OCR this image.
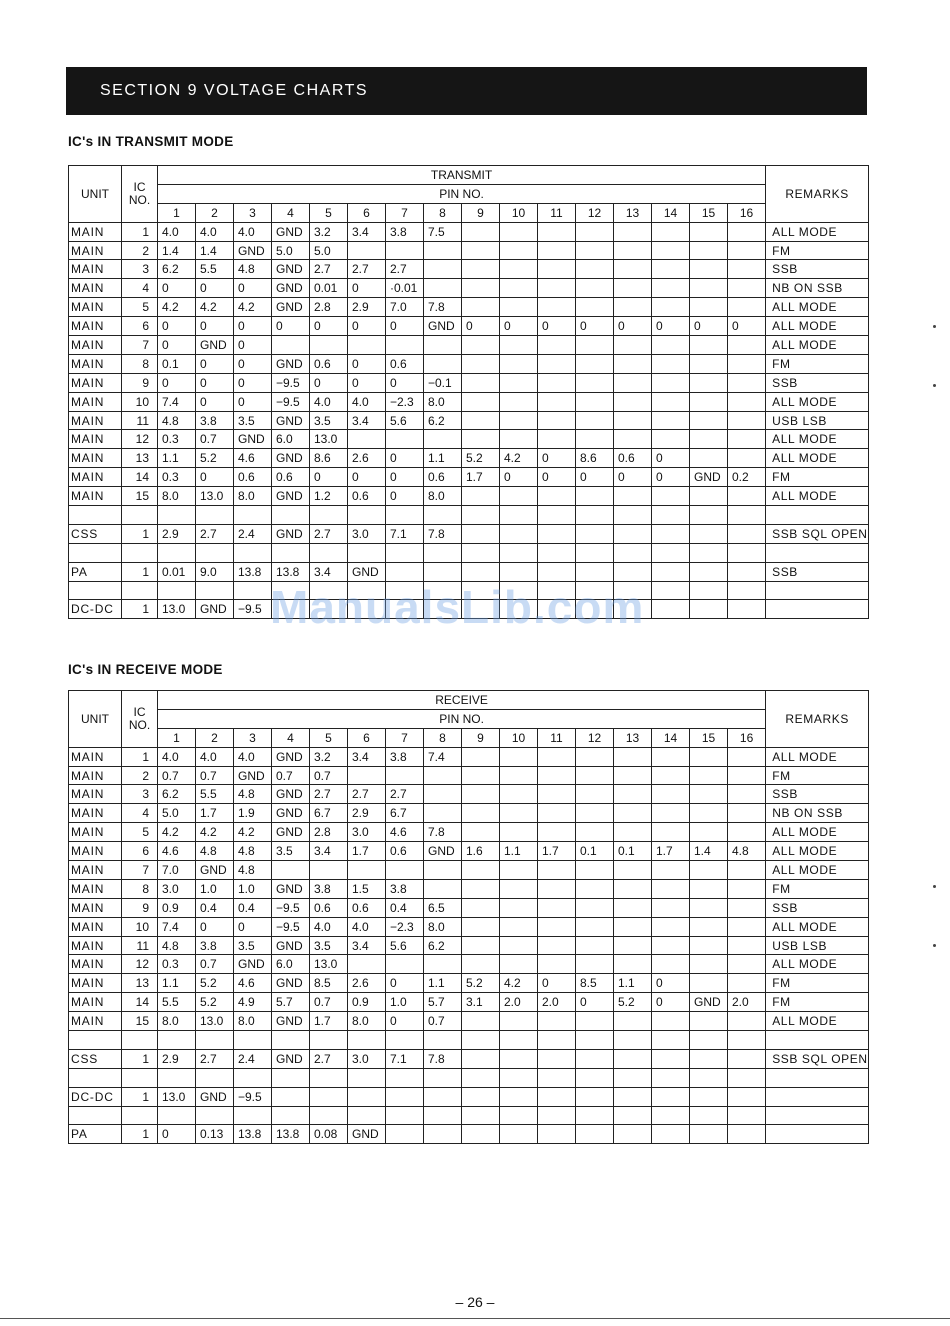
SECTION 9 VOLTAGE CHARTS
IC's IN TRANSMIT MODE
UNIT	IC NO.	TRANSMIT																REMARKS
		PIN NO.																
		1	2	3	4	5	6	7	8	9	10	11	12	13	14	15	16	
MAIN	1	4.0	4.0	4.0	GND	3.2	3.4	3.8	7.5									ALL MODE
MAIN	2	1.4	1.4	GND	5.0	5.0												FM
MAIN	3	6.2	5.5	4.8	GND	2.7	2.7	2.7										SSB
MAIN	4	0	0	0	GND	0.01	0	·0.01										NB ON SSB
MAIN	5	4.2	4.2	4.2	GND	2.8	2.9	7.0	7.8									ALL MODE
MAIN	6	0	0	0	0	0	0	0	GND	0	0	0	0	0	0	0	0	ALL MODE
MAIN	7	0	GND	0														ALL MODE
MAIN	8	0.1	0	0	GND	0.6	0	0.6										FM
MAIN	9	0	0	0	−9.5	0	0	0	−0.1									SSB
MAIN	10	7.4	0	0	−9.5	4.0	4.0	−2.3	8.0									ALL MODE
MAIN	11	4.8	3.8	3.5	GND	3.5	3.4	5.6	6.2									USB LSB
MAIN	12	0.3	0.7	GND	6.0	13.0												ALL MODE
MAIN	13	1.1	5.2	4.6	GND	8.6	2.6	0	1.1	5.2	4.2	0	8.6	0.6	0			ALL MODE
MAIN	14	0.3	0	0.6	0.6	0	0	0	0.6	1.7	0	0	0	0	0	GND	0.2	FM
MAIN	15	8.0	13.0	8.0	GND	1.2	0.6	0	8.0									ALL MODE

CSS	1	2.9	2.7	2.4	GND	2.7	3.0	7.1	7.8									SSB SQL OPEN

PA	1	0.01	9.0	13.8	13.8	3.4	GND											SSB

DC-DC	1	13.0	GND	−9.5														ManualsLib.com
IC's IN RECEIVE MODE
UNIT	IC NO.	RECEIVE																REMARKS
		PIN NO.																
		1	2	3	4	5	6	7	8	9	10	11	12	13	14	15	16	
MAIN	1	4.0	4.0	4.0	GND	3.2	3.4	3.8	7.4									ALL MODE
MAIN	2	0.7	0.7	GND	0.7	0.7												FM
MAIN	3	6.2	5.5	4.8	GND	2.7	2.7	2.7										SSB
MAIN	4	5.0	1.7	1.9	GND	6.7	2.9	6.7										NB ON SSB
MAIN	5	4.2	4.2	4.2	GND	2.8	3.0	4.6	7.8									ALL MODE
MAIN	6	4.6	4.8	4.8	3.5	3.4	1.7	0.6	GND	1.6	1.1	1.7	0.1	0.1	1.7	1.4	4.8	ALL MODE
MAIN	7	7.0	GND	4.8														ALL MODE
MAIN	8	3.0	1.0	1.0	GND	3.8	1.5	3.8										FM
MAIN	9	0.9	0.4	0.4	−9.5	0.6	0.6	0.4	6.5									SSB
MAIN	10	7.4	0	0	−9.5	4.0	4.0	−2.3	8.0									ALL MODE
MAIN	11	4.8	3.8	3.5	GND	3.5	3.4	5.6	6.2									USB LSB
MAIN	12	0.3	0.7	GND	6.0	13.0												ALL MODE
MAIN	13	1.1	5.2	4.6	GND	8.5	2.6	0	1.1	5.2	4.2	0	8.5	1.1	0			FM
MAIN	14	5.5	5.2	4.9	5.7	0.7	0.9	1.0	5.7	3.1	2.0	2.0	0	5.2	0	GND	2.0	FM
MAIN	15	8.0	13.0	8.0	GND	1.7	8.0	0	0.7									ALL MODE

CSS	1	2.9	2.7	2.4	GND	2.7	3.0	7.1	7.8									SSB SQL OPEN

DC-DC	1	13.0	GND	−9.5														

PA	1	0	0.13	13.8	13.8	0.08	GND											
– 26 –
